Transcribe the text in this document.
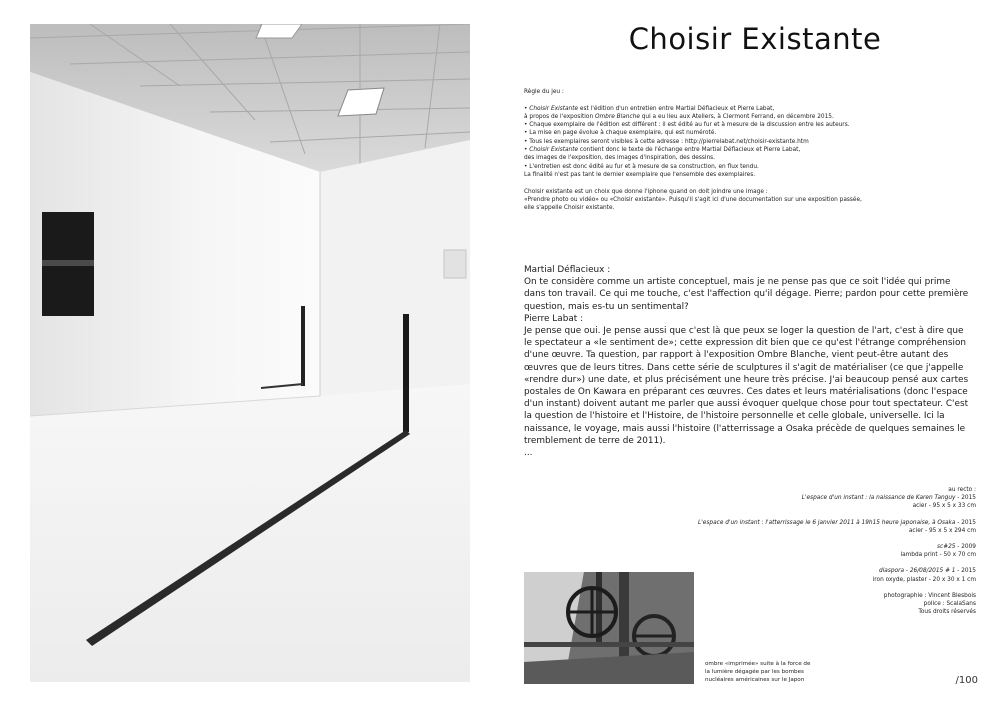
Choisir Existante

Règle du jeu :

• Choisir Existante est l'édition d'un entretien entre Martial Déflacieux et Pierre Labat,

à propos de l'exposition Ombre Blanche qui a eu lieu aux Ateliers, à Clermont Ferrand, en décembre 2015.

• Chaque exemplaire de l'édition est différent : il est édité au fur et à mesure de la discussion entre les auteurs.

• La mise en page évolue à chaque exemplaire, qui est numéroté.

• Tous les exemplaires seront visibles à cette adresse : http://pierrelabat.net/choisir-existante.htm

• Choisir Existante contient donc le texte de l'échange entre Martial Déflacieux et Pierre Labat,

des images de l'exposition, des images d'inspiration, des dessins.

• L'entretien est donc édité au fur et à mesure de sa construction, en flux tendu.

La finalité n'est pas tant le dernier exemplaire que l'ensemble des exemplaires.

Choisir existante est un choix que donne l'iphone quand on doit joindre une image :

«Prendre photo ou vidéo» ou «Choisir existante». Puisqu'il s'agit ici d'une documentation sur une exposition passée,

elle s'appelle Choisir existante.

Martial Déflacieux :

On te considère comme un artiste conceptuel, mais je ne pense pas que ce soit l'idée qui prime dans ton travail. Ce qui me touche, c'est l'affection qu'il dégage. Pierre; pardon pour cette première question, mais es-tu un sentimental?

Pierre Labat :

Je pense que oui. Je pense aussi que c'est là que peux se loger la question de l'art, c'est à dire que le spectateur a «le sentiment de»; cette expression dit bien que ce qu'est l'étrange compréhension d'une œuvre. Ta question, par rapport à l'exposition Ombre Blanche, vient peut-être autant des œuvres que de leurs titres. Dans cette série de sculptures il s'agit de matérialiser (ce que j'appelle «rendre dur») une date, et plus précisément une heure très précise. J'ai beaucoup pensé aux cartes postales de On Kawara en préparant ces œuvres. Ces dates et leurs matérialisations (donc l'espace d'un instant) doivent autant me parler que aussi évoquer quelque chose pour tout spectateur. C'est la question de l'histoire et l'Histoire, de l'histoire personnelle et celle globale, universelle. Ici la naissance, le voyage, mais aussi l'histoire (l'atterrissage a Osaka précède de quelques semaines le tremblement de terre de 2011).

...

au recto :

L'espace d'un instant : la naissance de Karen Tanguy - 2015

acier - 95 x 5 x 33 cm

L'espace d'un instant : l'atterrissage le 6 janvier 2011 à 19h15 heure japonaise, à Osaka - 2015

acier - 95 x 5 x 294 cm

sc#25 - 2009

lambda print - 50 x 70 cm

diaspora - 26/08/2015 # 1 - 2015

iron oxyde, plaster - 20 x 30 x 1 cm

photographie : Vincent Blesbois

police : ScalaSans

Tous droits réservés

ombre «imprimée» suite à la force de

la lumière dégagée par les bombes

nucléaires américaines sur le Japon	/100
